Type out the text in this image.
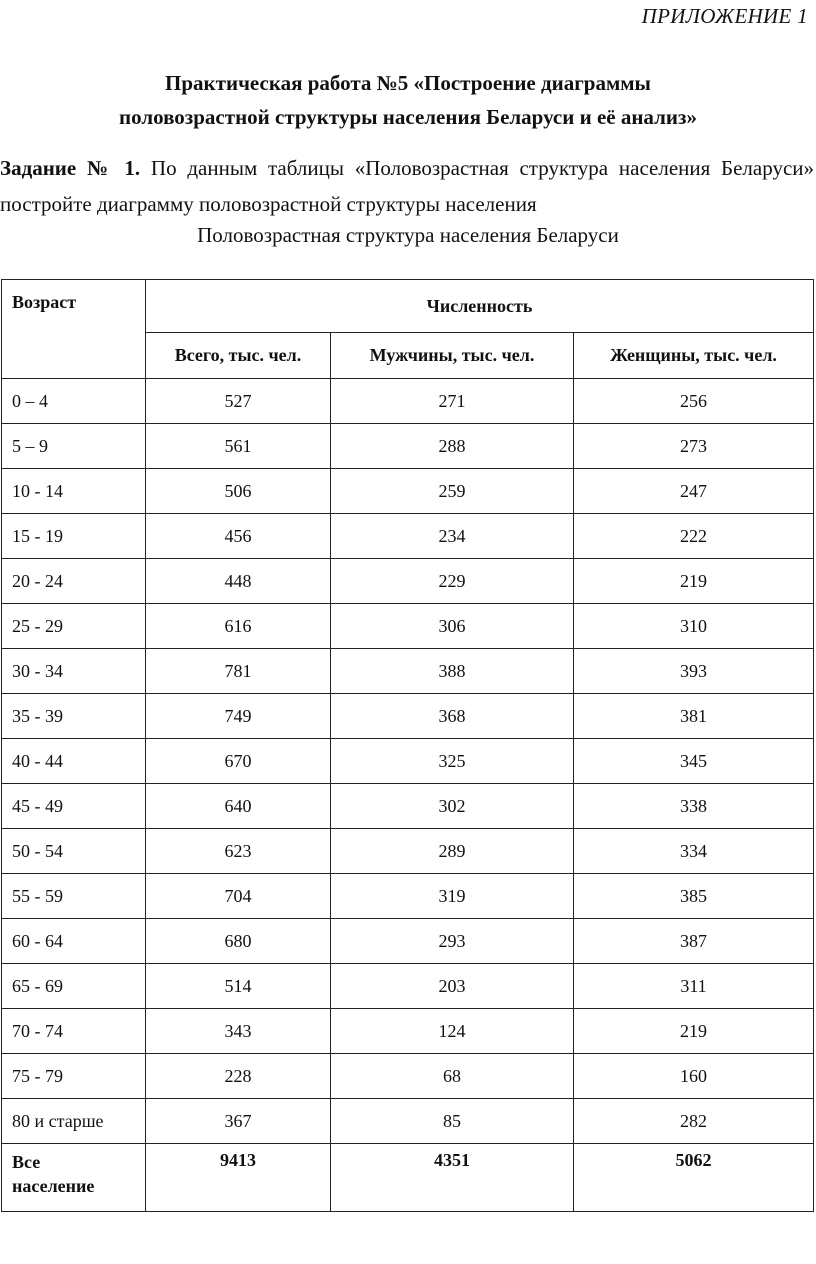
ПРИЛОЖЕНИЕ 1
Практическая работа №5 «Построение диаграммы
половозрастной структуры населения Беларуси и её анализ»
Задание № 1. По данным таблицы «Половозрастная структура населения Беларуси» постройте диаграмму половозрастной структуры населения
Половозрастная структура населения Беларуси
Возраст	Численность		
	Всего, тыс. чел.	Мужчины, тыс. чел.	Женщины, тыс. чел.
0 – 4	527	271	256
5 – 9	561	288	273
10 - 14	506	259	247
15 - 19	456	234	222
20 - 24	448	229	219
25 - 29	616	306	310
30 - 34	781	388	393
35 - 39	749	368	381
40 - 44	670	325	345
45 - 49	640	302	338
50 - 54	623	289	334
55 - 59	704	319	385
60 - 64	680	293	387
65 - 69	514	203	311
70 - 74	343	124	219
75 - 79	228	68	160
80 и старше	367	85	282

Все
население	9413	4351	5062
